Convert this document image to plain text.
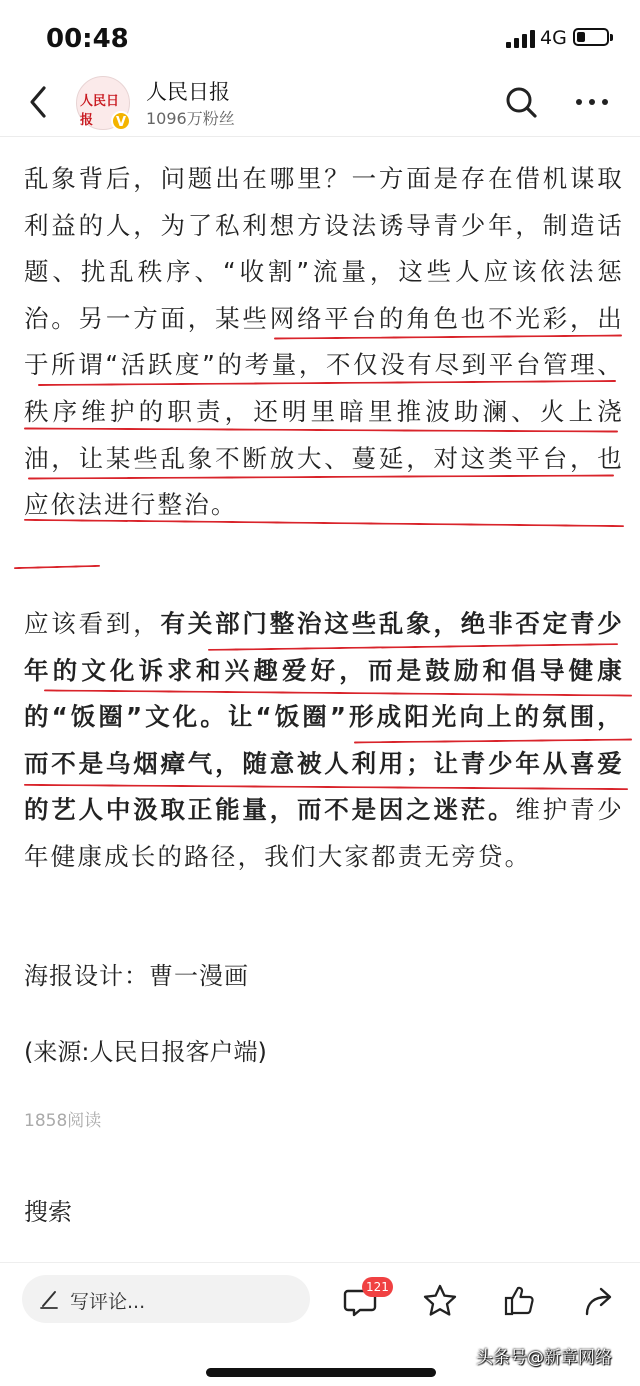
00:48	4G
人民日报	V
人民日报
1096万粉丝

乱象背后，问题出在哪里？一方面是存在借机谋取利益的人，为了私利想方设法诱导青少年，制造话题、扰乱秩序、“收割”流量，这些人应该依法惩治。另一方面，某些网络平台的角色也不光彩，出于所谓“活跃度”的考量，不仅没有尽到平台管理、秩序维护的职责，还明里暗里推波助澜、火上浇油，让某些乱象不断放大、蔓延，对这类平台，也应依法进行整治。

应该看到，有关部门整治这些乱象，绝非否定青少年的文化诉求和兴趣爱好，而是鼓励和倡导健康的“饭圈”文化。让“饭圈”形成阳光向上的氛围，而不是乌烟瘴气，随意被人利用；让青少年从喜爱的艺人中汲取正能量，而不是因之迷茫。维护青少年健康成长的路径，我们大家都责无旁贷。

海报设计：曹一漫画
(来源:人民日报客户端)
1858阅读
搜索
写评论...
121
头条号@新章网络
